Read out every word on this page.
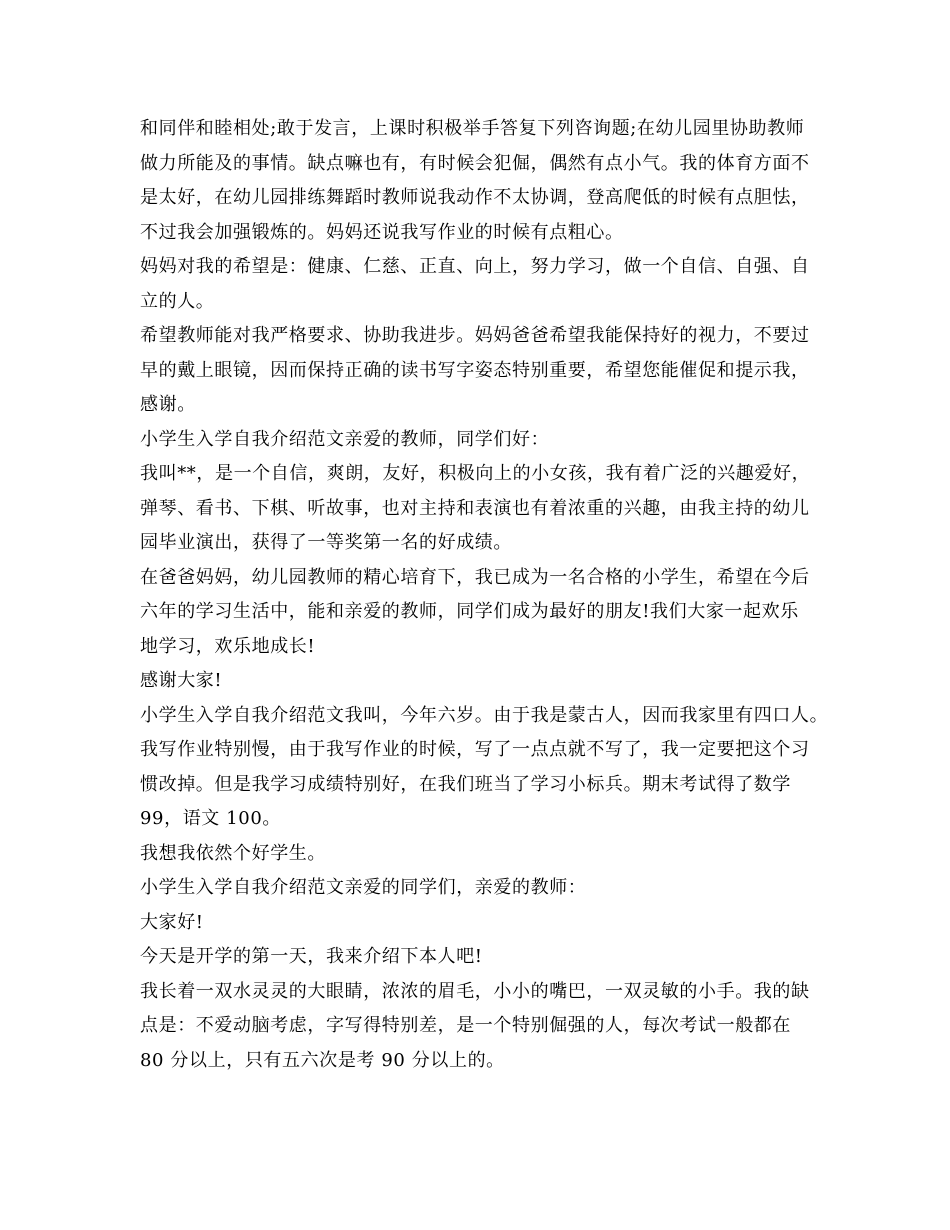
和同伴和睦相处;敢于发言，上课时积极举手答复下列咨询题;在幼儿园里协助教师
做力所能及的事情。缺点嘛也有，有时候会犯倔，偶然有点小气。我的体育方面不
是太好，在幼儿园排练舞蹈时教师说我动作不太协调，登高爬低的时候有点胆怯，
不过我会加强锻炼的。妈妈还说我写作业的时候有点粗心。
妈妈对我的希望是：健康、仁慈、正直、向上，努力学习，做一个自信、自强、自
立的人。
希望教师能对我严格要求、协助我进步。妈妈爸爸希望我能保持好的视力，不要过
早的戴上眼镜，因而保持正确的读书写字姿态特别重要，希望您能催促和提示我，
感谢。
小学生入学自我介绍范文亲爱的教师，同学们好：
我叫**，是一个自信，爽朗，友好，积极向上的小女孩，我有着广泛的兴趣爱好，
弹琴、看书、下棋、听故事，也对主持和表演也有着浓重的兴趣，由我主持的幼儿
园毕业演出，获得了一等奖第一名的好成绩。
在爸爸妈妈，幼儿园教师的精心培育下，我已成为一名合格的小学生，希望在今后
六年的学习生活中，能和亲爱的教师，同学们成为最好的朋友!我们大家一起欢乐
地学习，欢乐地成长!
感谢大家!
小学生入学自我介绍范文我叫，今年六岁。由于我是蒙古人，因而我家里有四口人。
我写作业特别慢，由于我写作业的时候，写了一点点就不写了，我一定要把这个习
惯改掉。但是我学习成绩特别好，在我们班当了学习小标兵。期末考试得了数学
99，语文 100。
我想我依然个好学生。
小学生入学自我介绍范文亲爱的同学们，亲爱的教师：
大家好!
今天是开学的第一天，我来介绍下本人吧!
我长着一双水灵灵的大眼睛，浓浓的眉毛，小小的嘴巴，一双灵敏的小手。我的缺
点是：不爱动脑考虑，字写得特别差，是一个特别倔强的人，每次考试一般都在
80 分以上，只有五六次是考 90 分以上的。
